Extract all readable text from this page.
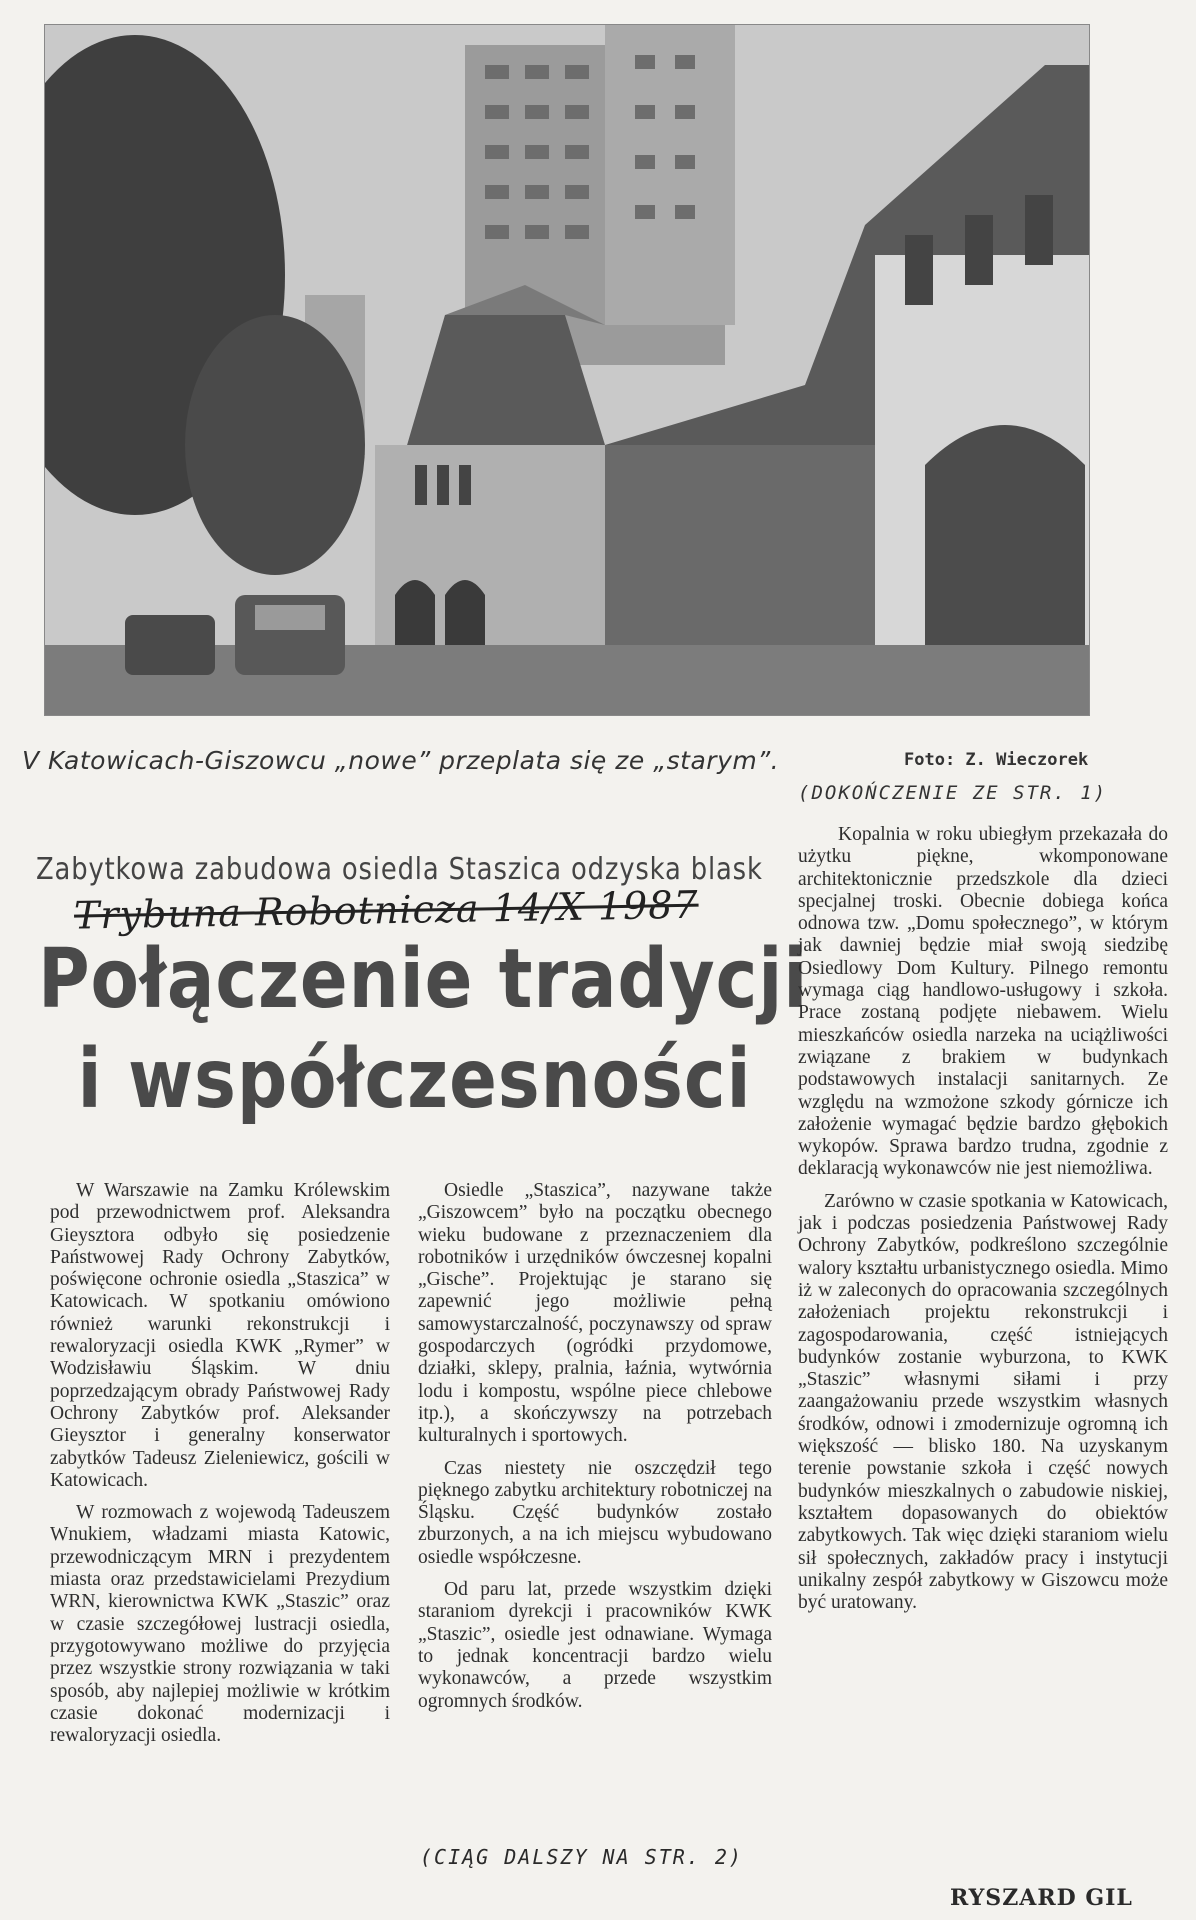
V Katowicach-Giszowcu „nowe” przeplata się ze „starym”.	Foto: Z. Wieczorek
(DOKOŃCZENIE ZE STR. 1)
Zabytkowa zabudowa osiedla Staszica odzyska blask
Trybuna Robotnicza 14/X 1987
Połączenie tradycji
i współczesności

W Warszawie na Zamku Królewskim pod przewodnictwem prof. Aleksandra Gieysztora odbyło się posiedzenie Państwowej Rady Ochrony Zabytków, poświęcone ochronie osiedla „Staszica” w Katowicach. W spotkaniu omówiono również warunki rekonstrukcji i rewaloryzacji osiedla KWK „Rymer” w Wodzisławiu Śląskim. W dniu poprzedzającym obrady Państwowej Rady Ochrony Zabytków prof. Aleksander Gieysztor i generalny konserwator zabytków Tadeusz Zieleniewicz, gościli w Katowicach.

W rozmowach z wojewodą Tadeuszem Wnukiem, władzami miasta Katowic, przewodniczącym MRN i prezydentem miasta oraz przedstawicielami Prezydium WRN, kierownictwa KWK „Staszic” oraz w czasie szczegółowej lustracji osiedla, przygotowywano możliwe do przyjęcia przez wszystkie strony rozwiązania w taki sposób, aby najlepiej możliwie w krótkim czasie dokonać modernizacji i rewaloryzacji osiedla.

Osiedle „Staszica”, nazywane także „Giszowcem” było na początku obecnego wieku budowane z przeznaczeniem dla robotników i urzędników ówczesnej kopalni „Gische”. Projektując je starano się zapewnić jego możliwie pełną samowystarczalność, poczynawszy od spraw gospodarczych (ogródki przydomowe, działki, sklepy, pralnia, łaźnia, wytwórnia lodu i kompostu, wspólne piece chlebowe itp.), a skończywszy na potrzebach kulturalnych i sportowych.

Czas niestety nie oszczędził tego pięknego zabytku architektury robotniczej na Śląsku. Część budynków zostało zburzonych, a na ich miejscu wybudowano osiedle współczesne.

Od paru lat, przede wszystkim dzięki staraniom dyrekcji i pracowników KWK „Staszic”, osiedle jest odnawiane. Wymaga to jednak koncentracji bardzo wielu wykonawców, a przede wszystkim ogromnych środków.

(CIĄG DALSZY NA STR. 2)

Kopalnia w roku ubiegłym przekazała do użytku piękne, wkomponowane architektonicznie przedszkole dla dzieci specjalnej troski. Obecnie dobiega końca odnowa tzw. „Domu społecznego”, w którym jak dawniej będzie miał swoją siedzibę Osiedlowy Dom Kultury. Pilnego remontu wymaga ciąg handlowo-usługowy i szkoła. Prace zostaną podjęte niebawem. Wielu mieszkańców osiedla narzeka na uciążliwości związane z brakiem w budynkach podstawowych instalacji sanitarnych. Ze względu na wzmożone szkody górnicze ich założenie wymagać będzie bardzo głębokich wykopów. Sprawa bardzo trudna, zgodnie z deklaracją wykonawców nie jest niemożliwa.

Zarówno w czasie spotkania w Katowicach, jak i podczas posiedzenia Państwowej Rady Ochrony Zabytków, podkreślono szczególnie walory kształtu urbanistycznego osiedla. Mimo iż w zaleconych do opracowania szczególnych założeniach projektu rekonstrukcji i zagospodarowania, część istniejących budynków zostanie wyburzona, to KWK „Staszic” własnymi siłami i przy zaangażowaniu przede wszystkim własnych środków, odnowi i zmodernizuje ogromną ich większość — blisko 180. Na uzyskanym terenie powstanie szkoła i część nowych budynków mieszkalnych o zabudowie niskiej, kształtem dopasowanych do obiektów zabytkowych. Tak więc dzięki staraniom wielu sił społecznych, zakładów pracy i instytucji unikalny zespół zabytkowy w Giszowcu może być uratowany.

RYSZARD GIL
